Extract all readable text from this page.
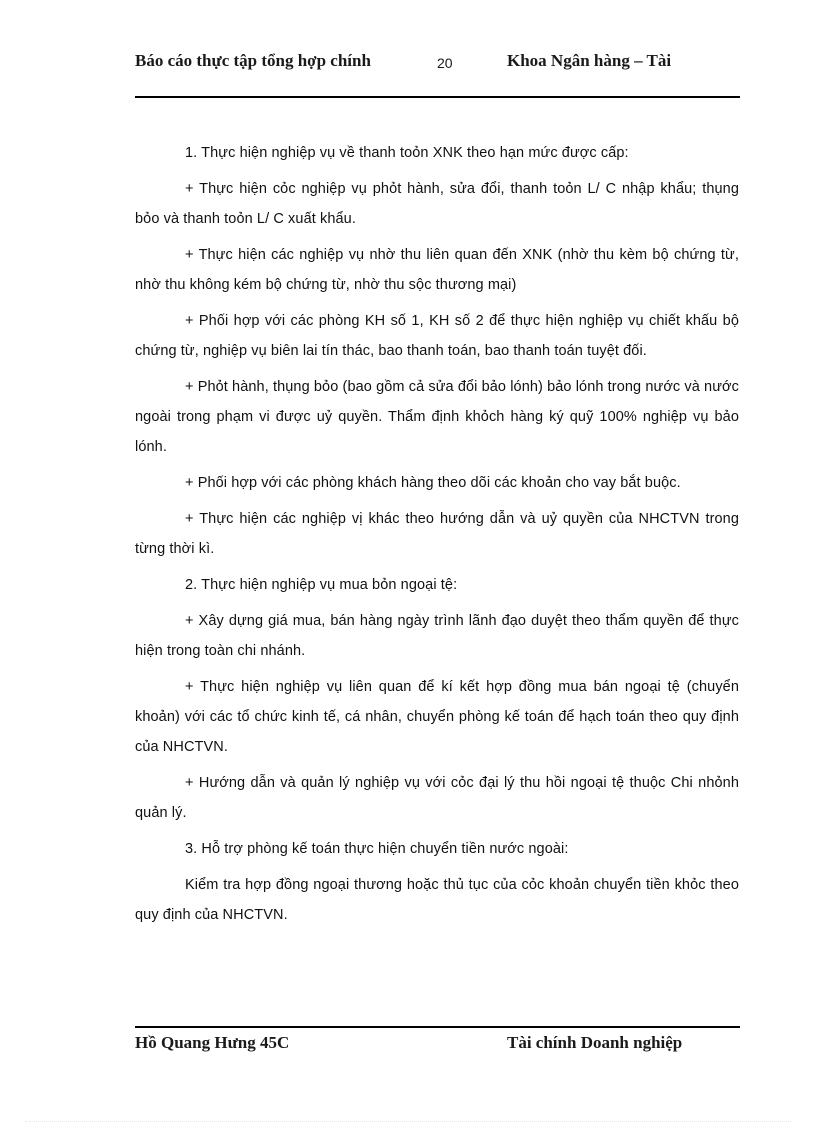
Báo cáo thực tập tổng hợp chính	20	Khoa Ngân hàng – Tài

1. Thực hiện nghiệp vụ về thanh toỏn XNK theo hạn mức được cấp:

+ Thực hiện cỏc nghiệp vụ phỏt hành, sửa đổi, thanh toỏn L/ C nhập khẩu; thụng bỏo và thanh toỏn L/ C xuất khẩu.

+ Thực hiện các nghiệp vụ nhờ thu liên quan đến XNK (nhờ thu kèm bộ chứng từ, nhờ thu không kém bộ chứng từ, nhờ thu sộc thương mại)

+ Phối hợp với các phòng KH số 1, KH số 2 để thực hiện nghiệp vụ chiết khấu bộ chứng từ, nghiệp vụ biên lai tín thác, bao thanh toán, bao thanh toán tuyệt đối.

+ Phỏt hành, thụng bỏo (bao gồm cả sửa đổi bảo lónh) bảo lónh trong nước và nước ngoài trong phạm vi được uỷ quyền. Thẩm định khỏch hàng ký quỹ 100% nghiệp vụ bảo lónh.

+ Phối hợp với các phòng khách hàng theo dõi các khoản cho vay bắt buộc.

+ Thực hiện các nghiệp vị khác theo hướng dẫn và uỷ quyền của NHCTVN trong từng thời kì.

2. Thực hiện nghiệp vụ mua bỏn ngoại tệ:

+ Xây dựng giá mua, bán hàng ngày trình lãnh đạo duyệt theo thẩm quyền để thực hiện trong toàn chi nhánh.

+ Thực hiện nghiệp vụ liên quan để kí kết hợp đồng mua bán ngoại tệ (chuyển khoản) với các tổ chức kinh tế, cá nhân, chuyển phòng kế toán để hạch toán theo quy định của NHCTVN.

+ Hướng dẫn và quản lý nghiệp vụ với cỏc đại lý thu hồi ngoại tệ thuộc Chi nhỏnh quản lý.

3. Hỗ trợ phòng kế toán thực hiện chuyển tiền nước ngoài:

Kiểm tra hợp đồng ngoại thương hoặc thủ tục của cỏc khoản chuyển tiền khỏc theo quy định của NHCTVN.

Hồ Quang Hưng 45C	Tài chính Doanh nghiệp
